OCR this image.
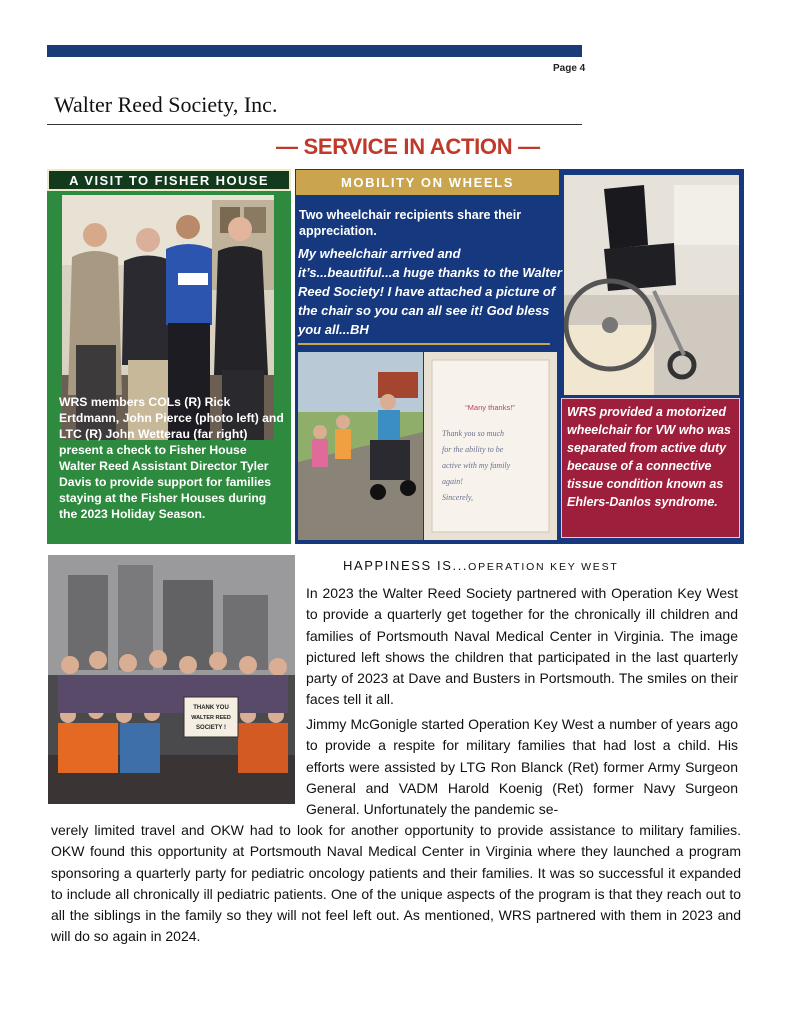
Page 4
Walter Reed Society, Inc.
— SERVICE IN ACTION —
A VISIT TO FISHER HOUSE
WRS members COLs (R) Rick Ertdmann, John Pierce (photo left) and LTC (R) John Wetterau (far right) present a check to Fisher House Walter Reed Assistant Director Tyler Davis to provide support for families staying at the Fisher Houses during the 2023 Holiday Season.
MOBILITY ON WHEELS
Two wheelchair recipients share their appreciation.
My wheelchair arrived and it’s...beautiful...a huge thanks to the Walter Reed Society! I have attached a picture of the chair so you can all see it! God bless you all...BH
“Many thanks!”
Thank you so much
for the ability to be
active with my family
again!
Sincerely,
WRS provided a motorized wheelchair for VW who was separated from active duty because of a connective tissue condition known as Ehlers-Danlos syndrome.
THANK YOU
WALTER REED
SOCIETY !
HAPPINESS IS...OPERATION KEY WEST

In 2023 the Walter Reed Society partnered with Operation Key West to provide a quarterly get together for the chronically ill children and families of Portsmouth Naval Medical Center in Virginia. The image pictured left shows the children that participated in the last quarterly party of 2023 at Dave and Busters in Portsmouth. The smiles on their faces tell it all.

Jimmy McGonigle started Operation Key West a number of years ago to provide a respite for military families that had lost a child. His efforts were assisted by LTG Ron Blanck (Ret) former Army Surgeon General and VADM Harold Koenig (Ret) former Navy Surgeon General. Unfortunately the pandemic se-

verely limited travel and OKW had to look for another opportunity to provide assistance to military families. OKW found this opportunity at Portsmouth Naval Medical Center in Virginia where they launched a program sponsoring a quarterly party for pediatric oncology patients and their families. It was so successful it expanded to include all chronically ill pediatric patients. One of the unique aspects of the program is that they reach out to all the siblings in the family so they will not feel left out. As mentioned, WRS partnered with them in 2023 and will do so again in 2024.
